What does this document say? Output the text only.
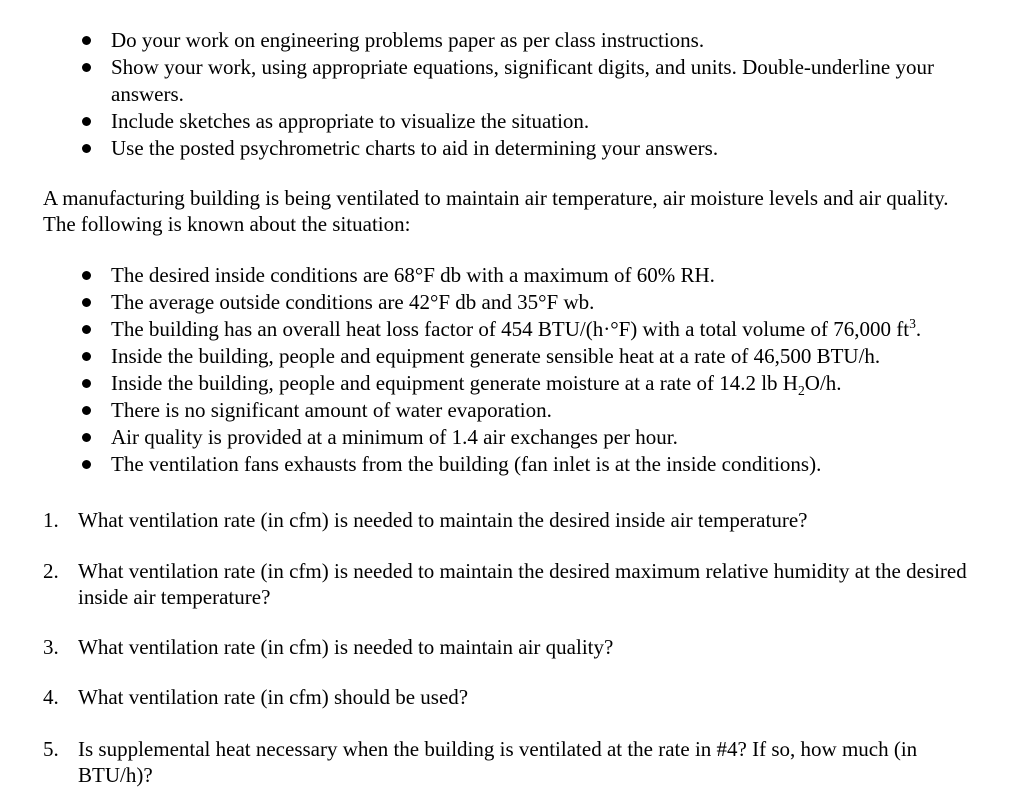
Do your work on engineering problems paper as per class instructions.
Show your work, using appropriate equations, significant digits, and units. Double-underline your answers.
Include sketches as appropriate to visualize the situation.
Use the posted psychrometric charts to aid in determining your answers.
A manufacturing building is being ventilated to maintain air temperature, air moisture levels and air quality. The following is known about the situation:
The desired inside conditions are 68°F db with a maximum of 60% RH.
The average outside conditions are 42°F db and 35°F wb.
The building has an overall heat loss factor of 454 BTU/(h·°F) with a total volume of 76,000 $ft^3$.
Inside the building, people and equipment generate sensible heat at a rate of 46,500 BTU/h.
Inside the building, people and equipment generate moisture at a rate of 14.2 lb $H_2O/h$.
There is no significant amount of water evaporation.
Air quality is provided at a minimum of 1.4 air exchanges per hour.
The ventilation fans exhausts from the building (fan inlet is at the inside conditions).
1. What ventilation rate (in cfm) is needed to maintain the desired inside air temperature?
2. What ventilation rate (in cfm) is needed to maintain the desired maximum relative humidity at the desired inside air temperature?
3. What ventilation rate (in cfm) is needed to maintain air quality?
4. What ventilation rate (in cfm) should be used?
5. Is supplemental heat necessary when the building is ventilated at the rate in #4? If so, how much (in BTU/h)?
